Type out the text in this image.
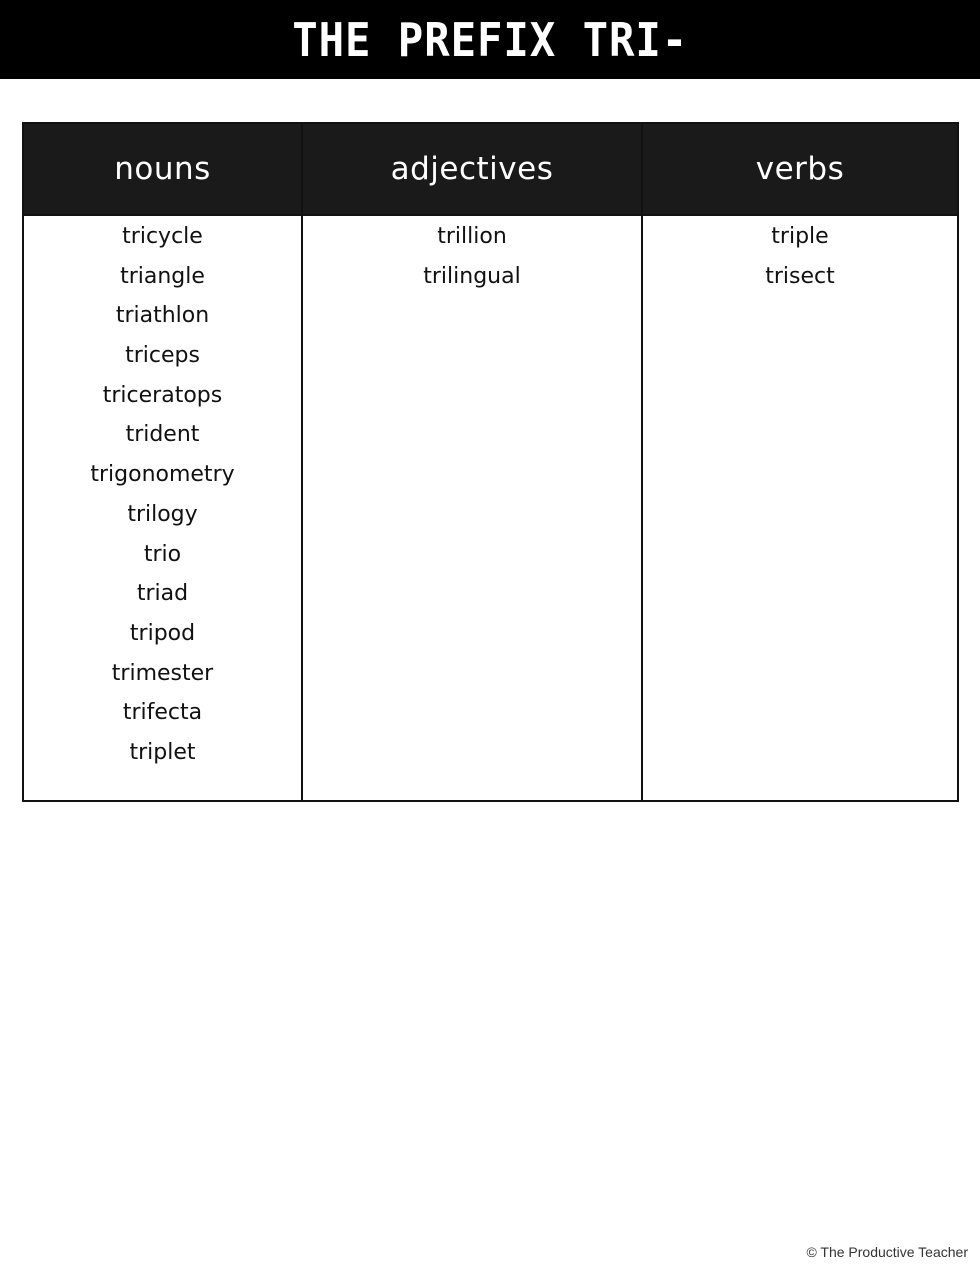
THE PREFIX TRI-
nouns
tricycle
triangle
triathlon
triceps
triceratops
trident
trigonometry
trilogy
trio
triad
tripod
trimester
trifecta
triplet
adjectives
trillion
trilingual
verbs
triple
trisect
© The Productive Teacher
